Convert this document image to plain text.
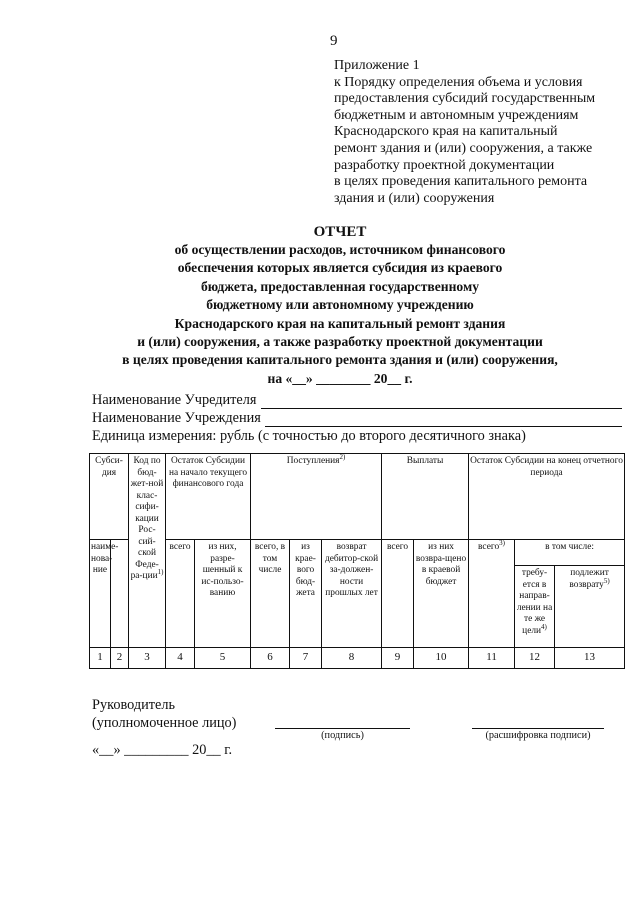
9
Приложение 1
к Порядку определения объема и условия
предоставления субсидий государственным
бюджетным и автономным учреждениям
Краснодарского края на капитальный
ремонт здания и (или) сооружения, а также
разработку проектной документации
в целях проведения капитального ремонта
здания и (или) сооружения
ОТЧЕТ
об осуществлении расходов, источником финансового
обеспечения которых является субсидия из краевого
бюджета, предоставленная государственному
бюджетному или автономному учреждению
Краснодарского края на капитальный ремонт здания
и (или) сооружения, а также разработку проектной документации
в целях проведения капитального ремонта здания и (или) сооружения,
на «__» ________ 20__ г.
Наименование Учредителя
Наименование Учреждения
Единица измерения: рубль (с точностью до второго десятичного знака)
Субси-дия		Код по бюд-жет-ной клас-сифи-кации Рос-сий-ской Феде-ра-ции$^{1)}$	Остаток Субсидии на начало текущего финансового года		Поступления$^{2)}$			Выплаты		Остаток Субсидии на конец отчетного периода		
наиме-нова-ние			всего	из них, разре-шенный к ис-пользо-ванию	всего, в том числе	из крае-вого бюд-жета	возврат дебитор-ской за-должен-ности прошлых лет	всего	из них возвра-щено в краевой бюджет	всего$^{3)}$	в том числе:	
											требу-ется в направ-лении на те же цели$^{4)}$	подлежит возврату$^{5)}$
1	2	3	4	5	6	7	8	9	10	11	12	13
Руководитель
(уполномоченное лицо)
(подпись)	(расшифровка подписи)
«__» _________ 20__ г.
